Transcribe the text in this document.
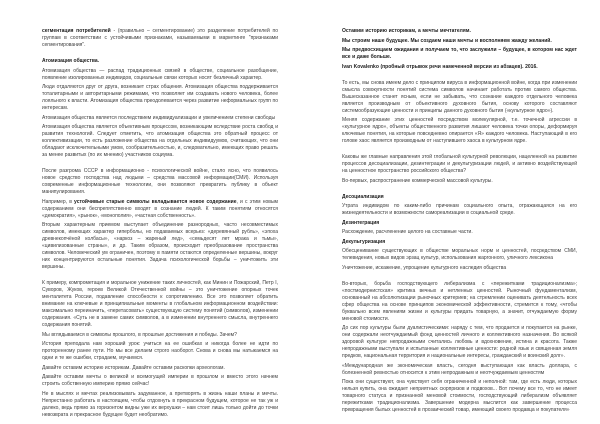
сегментация потребителей - (правильно – сегментирование) это разделение потребителей по группам в соответствии с устойчивыми признаками, называемыми в маркетинге "признаками сегментирования".

Атомизация общества.

Атомизация общества — распад традиционных связей в обществе, социальное разобщение, появление изолированных индивидов, социальные связи которых носят безличный характер.

Люди отдаляются друг от друга, возникает страх общения. Атомизация общества поддерживается тоталитарными и авторитарными режимами, что позволяет им создавать нового человека, более лояльного к власти. Атомизация общества преодолевается через развитие неформальных групп по интересам.

Атомизация общества является последствием индивидуализации и увеличением степени свободы

Атомизация общества является объективным процессом, возникающим вследствие роста свобод и развития технологий. Следует отметить, что атомизация общества это обратный процесс от коллективизации, то есть разложение общества на отдельных индивидуумов, считающих, что они обладают исключительными умом, сообразительностью, и, следовательно, имеющих право решать за менее развитых (по их мнению) участников социума.

После разгрома СССР в информационно - психологической войне, стало ясно, что появилось новое средство господства над людьми – средства массовой информации(СМИ). Используя современные информационные технологии, они позволяют превратить публику в объект манипулирования.

Например, в устойчивые старые символы вкладывается новое содержание, и с этим новым содержанием они беспрепятственно входят в сознание людей. К таким понятиям относятся «демократия», «рынок», «монополия», «частная собственность».

Вторым характерным приемом выступает объединение разнородных, часто несовместимых символов, имеющих характер гиперболы, но подаваемых всерьез: «деревянный рубль», «эпоха древнекопчёной колбасы», «наркоз – жареный лед», «семьдесят лет мрака и тьмы», «цивилизованные страны», и др. Таким образом, происходит преобразование пространства символов. Человеческий ум ограничен, поэтому в памяти остаются определенные вершины, вокруг них концентрируются остальные понятия. Задача психологической борьбы – уничтожить эти вершины.

К примеру, компрометация и моральное унижение таких личностей, как Минин и Пожарский, Петр I, Суворов, Жуков, героев Великой Отечественной войны – это уничтожение опорных точек менталитета России, подавление способности к сопротивлению. Все это позволяет обратить внимание на ключевые и принципиальные моменты в глобальном информационном воздействии: максимально переиначить, «перетасовать» существующую систему понятий (символов), изменении содержания. «Суть не в замене самих символов, а в изменении внутреннего смысла, внутреннего содержания понятий.

Мы вглядываемся в символы прошлого, в прошлые достижения и победы. Зачем?

История преподала нам хороший урок: учиться на ее ошибках и никогда более не идти по проторенному ранее пути. Но мы все делаем строго наоборот. Снова и снова мы натыкаемся на одни и те же ошибки, страдаем, мучаемся.

Давайте оставим историю историкам. Давайте оставим раскопки археологам.

Давайте оставим мечты о великой и всемогущей империи в прошлом и вместо этого начнем строить собственную империю прямо сейчас!

Не в мыслях и мечтах реализовывать задуманное, а претворять в жизнь наши планы и мечты. Непрестанно работать в настоящем, чтобы отдохнуть в прекрасном будущем, которое не так уж и далеко, ведь прямо за горизонтом видны уже их верхушки – нам стоит лишь только дойти до точки невозврата и прекрасное будущее будет необратимо.

Оставим историю историкам, а мечты мечтателям.

Мы строим наше будущее. Мы создаем наши мечты и восполняем жажду желаний.

Мы предвосхищаем ожидания и получаем то, что заслужили – будущее, в котором нас ждет все и даже больше.

Ivan Kovalenko (пробный отрывок речи намеченной версии из абзацев). 2016.

То есть, мы снова имеем дело с принципом вируса в информационной войне, когда при изменении смысла совокупности понятий система символов начинает работать против самого общества. Вышесказанное станет ясным, если не забывать, что сознание каждого отдельного человека является производным от объективного духовного бытия, основу которого составляют системообразующие ценности и принципы данного духовного бытия («культурное ядро»).

Меняя содержание этих ценностей посредством молекулярной, т.е. точечной агрессии в «культурное ядро», объекты общественного развития лишают человека точки опоры, деформируя ключевые понятия, на которые повседневно опирается «Я» каждого человека. Наступающий в его голове хаос является производным от наступившего хаоса в культурном ядре.

Каковы же главные направления этой глобальной культурной революции, нацеленной на развитие процессов десоциализации, дезинтеграции и декультуризации людей, и активно воздействующей на ценностное пространство российского общества?

Во-первых, распространение коммерческой массовой культуры.

Десоциализация

Утрата индивидом по каким-либо причинам социального опыта, отражающаяся на его жизнедеятельности и возможности самореализации в социальной среде.

Дезинтеграция

Расхождение, расчленение целого на составные части.

Декультуризация

Обесценивание существующих в обществе моральных норм и ценностей, посредством СМИ, телевидения, новых видов эрзац культур, использования жаргонного, уличного лексикона

Уничтожение, искажение, упрощение культурного наследия общества

Во-вторых, борьба господствующего либерализма с «пережитками традиционализма»; «постмодернистская» критика вечных и нетленных ценностей. Рыночный фундаментализм, основанный на абсолютизации рыночных критериев; на стремлении оценивать деятельность всех сфер общества на основе принципов экономической эффективности, стремится к тому, «чтобы буквально всем явлениям жизни и культуры придать товарную, а значит, отчуждаемую форму меновой стоимости.

До сих пор культуры были дуалистическими: наряду с тем, что продается и покупается на рынке, они содержали неотчуждаемый фонд ценностей личного и коллективного назначения. Во всякой здоровой культуре непродажными считались любовь и вдохновение, истина и красота. Также непродажными выступали и испытанные коллективные ценности: родной язык и священная земля предков, национальная территория и национальные интересы, гражданский и воинский долг».

«Международная же экономическая власть, сегодня выступающая как власть доллара, с болезненной ревностью относится к этим непродажным и неотчуждаемым ценностям

Пока они существуют, она чувствует себя ограниченной и неполной: там, где есть люди, которых нельзя купить, она ожидает неприятных сюрпризов и подвохов... Вот почему все то, что не имеет товарного статуса и признанной меновой стоимости, господствующий либерализм объявляет пережитками традиционализма. Завершение модерна мыслится как завершение процесса превращения былых ценностей в прозаический товар, имеющий своего продавца и покупателя»
